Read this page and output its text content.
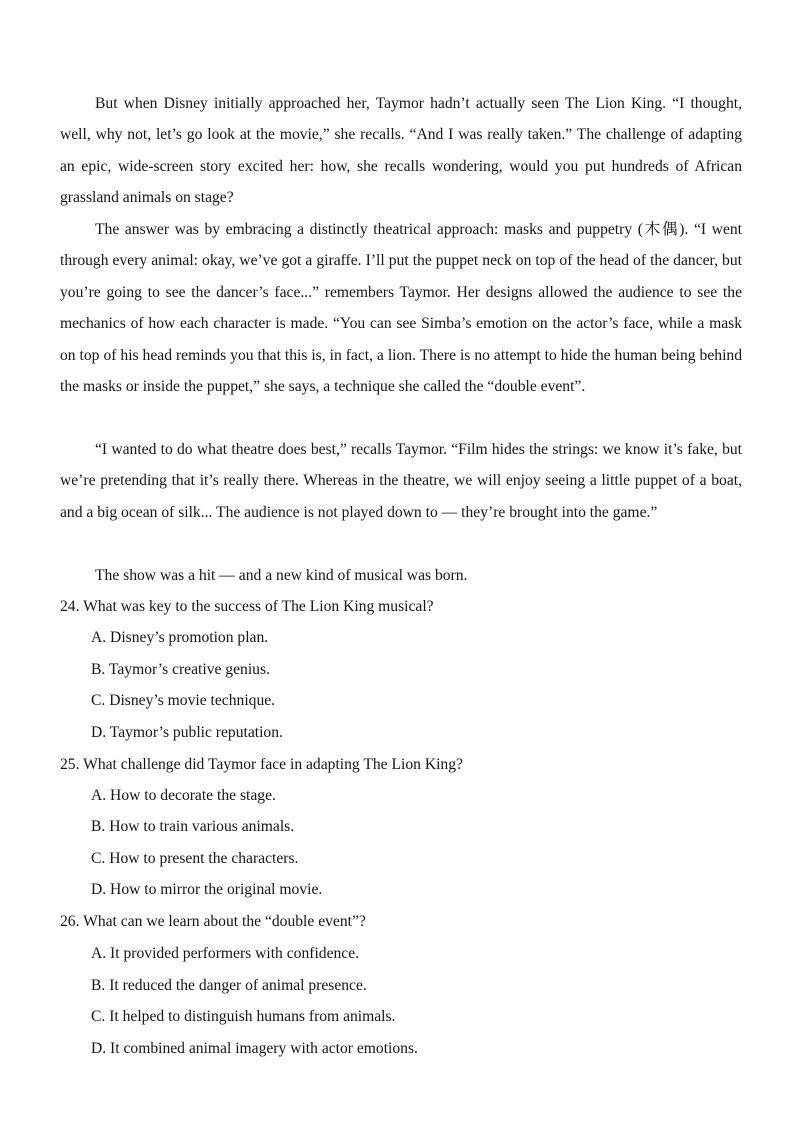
But when Disney initially approached her, Taymor hadn’t actually seen The Lion King. “I thought, well, why not, let’s go look at the movie,” she recalls. “And I was really taken.” The challenge of adapting an epic, wide-screen story excited her: how, she recalls wondering, would you put hundreds of African grassland animals on stage?

The answer was by embracing a distinctly theatrical approach: masks and puppetry (木偶). “I went through every animal: okay, we’ve got a giraffe. I’ll put the puppet neck on top of the head of the dancer, but you’re going to see the dancer’s face...” remembers Taymor. Her designs allowed the audience to see the mechanics of how each character is made. “You can see Simba’s emotion on the actor’s face, while a mask on top of his head reminds you that this is, in fact, a lion. There is no attempt to hide the human being behind the masks or inside the puppet,” she says, a technique she called the “double event”.

“I wanted to do what theatre does best,” recalls Taymor. “Film hides the strings: we know it’s fake, but we’re pretending that it’s really there. Whereas in the theatre, we will enjoy seeing a little puppet of a boat, and a big ocean of silk... The audience is not played down to — they’re brought into the game.”

The show was a hit — and a new kind of musical was born.

24. What was key to the success of The Lion King musical?
A. Disney’s promotion plan.
B. Taymor’s creative genius.
C. Disney’s movie technique.
D. Taymor’s public reputation.
25. What challenge did Taymor face in adapting The Lion King?
A. How to decorate the stage.
B. How to train various animals.
C. How to present the characters.
D. How to mirror the original movie.
26. What can we learn about the “double event”?
A. It provided performers with confidence.
B. It reduced the danger of animal presence.
C. It helped to distinguish humans from animals.
D. It combined animal imagery with actor emotions.
